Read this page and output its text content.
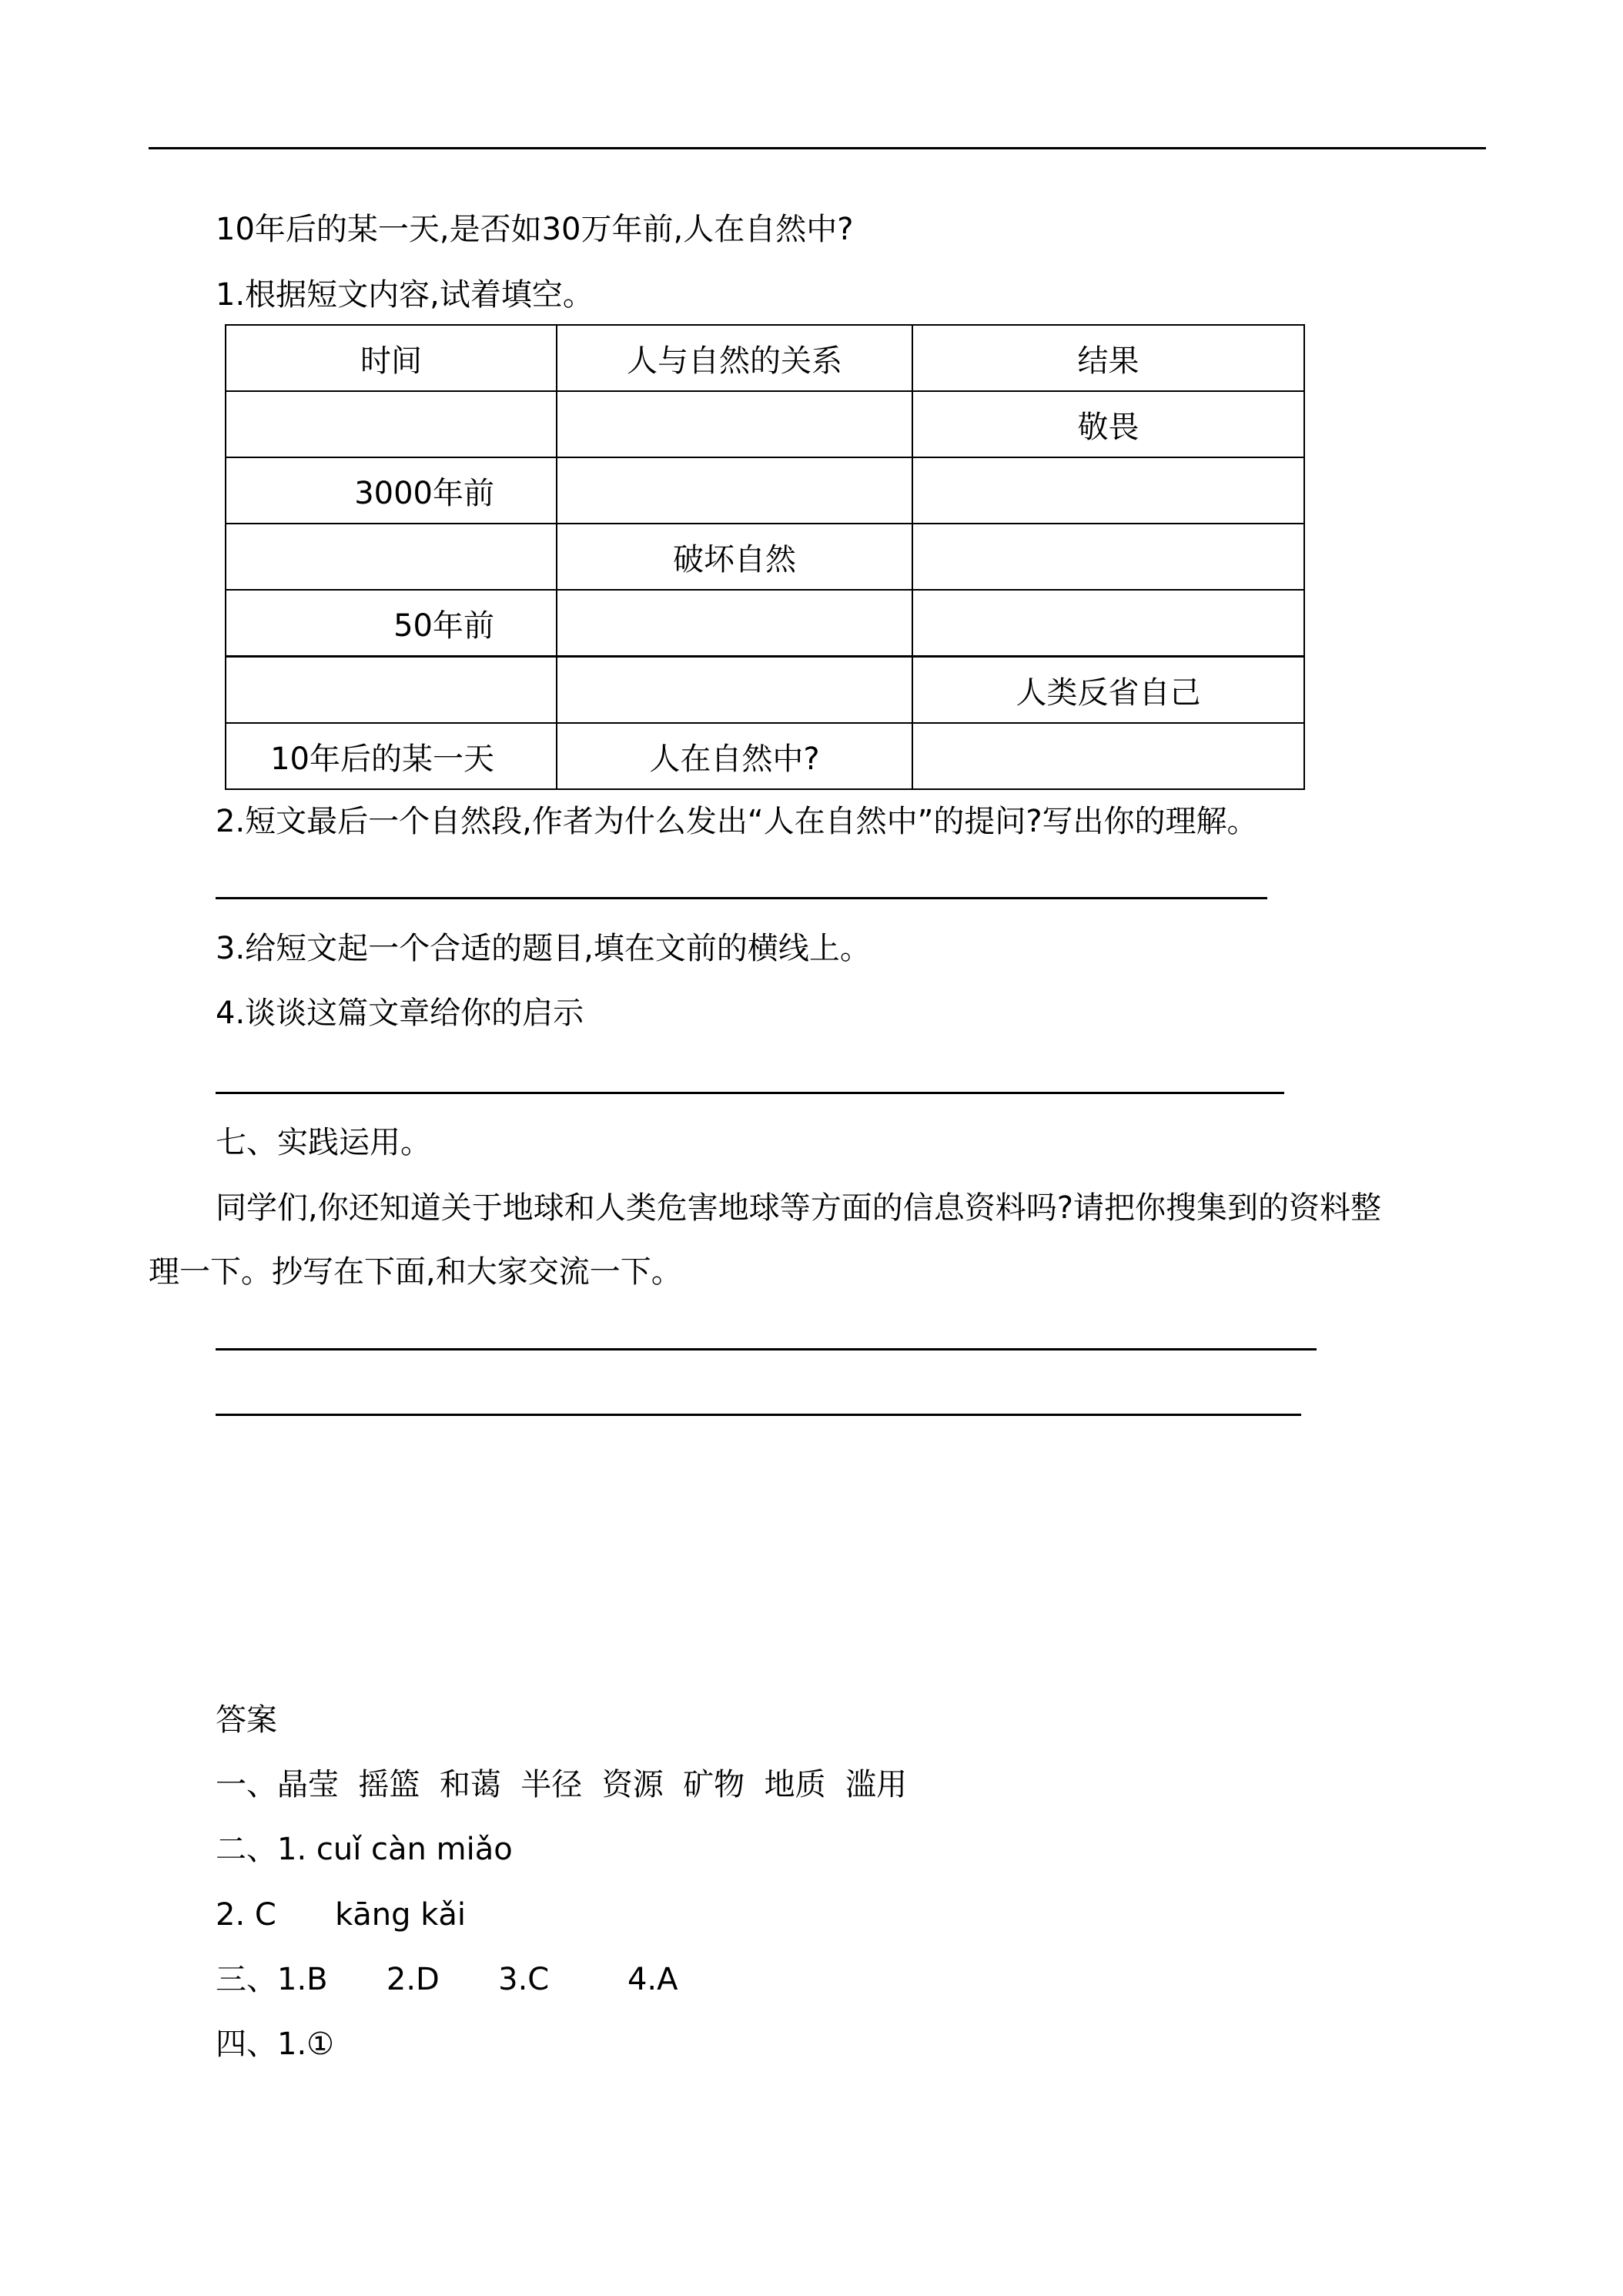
10年后的某一天,是否如30万年前,人在自然中?
1.根据短文内容,试着填空。
时间	人与自然的关系	结果
		敬畏
3000年前		
	破坏自然	
50年前		
		人类反省自己
10年后的某一天	人在自然中?	
2.短文最后一个自然段,作者为什么发出“人在自然中”的提问?写出你的理解。
3.给短文起一个合适的题目,填在文前的横线上。
4.谈谈这篇文章给你的启示
七、实践运用。
同学们,你还知道关于地球和人类危害地球等方面的信息资料吗?请把你搜集到的资料整
理一下。抄写在下面,和大家交流一下。
答案
一、晶莹  摇篮  和蔼  半径  资源  矿物  地质  滥用
二、1. cuǐ càn miǎo
2. C      kāng kǎi
三、1.B      2.D      3.C        4.A
四、1.①
